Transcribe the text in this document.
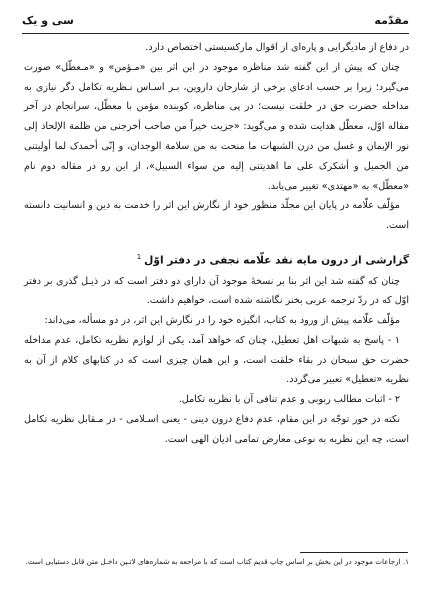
مقدّمه
سی و یک

در دفاع از مادیگرایی و پاره‌ای از اقوال مارکسیستی اختصاص دارد.

چنان که پیش از این گفته شد مناظره موجود در این اثر بین «مـؤمن» و «مـعطّل» صورت می‌گیرد؛ زیرا بر حسب ادعای برخی از شارحان داروین، بـر اسـاس نـظریه تکامل دگر نیازی به مداخله حضرت حق در خلقت نیست؛ در پی مناظره‌، کوبنده مؤمن با معطّل، سرانجام در آخر مقاله اوّل، معطّل هدایت شده و می‌گوید: «جزیت خیراً من صاحب أخرجنی من ظلمة الإلحاد إلى نور الإیمان و غسل من درن الشبهات ما منحت به من سلامة الوجدان، و إنّی أحمدک لما أولیتنی من الجمیل و أشکرک علی ما اهدیتنی إلیه من سواء السبیل»، از این رو در مقاله دوم نام «معطّل» به «مهتدی» تغییر می‌یابد.

مؤلّف علّامه در پایان این مجلّد منظور خود از نگارش این اثر را خدمت به دین و انسانیت دانسته است.

گزارشی از درون مایه نقد علّامه نجفی در دفتر اوّل$^1$

چنان که گفته شد این اثر بنا بر نسخهٔ موجود آن دارای دو دفتر است که در ذیـل گذری بر دفتر اوّل که در ردّ ترجمه عربی بخنر نگاشته شده است، خواهیم داشت.

مؤلّف علّامه پیش از ورود به کتاب، انگیزه خود را در نگارش این اثر، در دو مسأله، می‌داند:

۱ - پاسخ به شبهات اهل تعطیل، چنان که خواهد آمد، یکی از لوازم نظریه تکامل، عدم مداخله حضرت حق سبحان در بقاء خلقت است، و این همان چیزی است که در کتابهای کلام از آن به نظریه «تعطیل» تعبیر می‌گردد.

۲ - اثبات مطالب ربوبی و عدم تنافی آن با نظریه تکامل.

نکته در خور توجّه در این مقام، عدم دفاع درون دینی - یعنی اسـلامی - در مـقابل نظریه تکامل است، چه این نظریه به نوعی معارض تمامی ادیان الهی است.

۱. ارجاعات موجود در این بخش بر اساس چاپ قدیم کتاب است که با مراجعه به شماره‌های لاتـین داخـل متن قابل دستیابی است.
